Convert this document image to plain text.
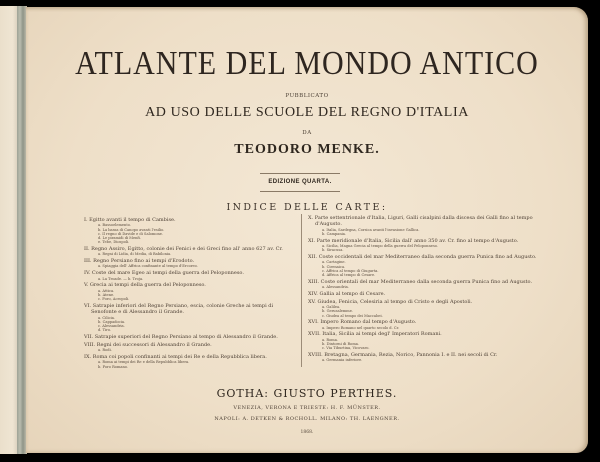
ATLANTE DEL MONDO ANTICO
PUBBLICATO
AD USO DELLE SCUOLE DEL REGNO D'ITALIA
DA
TEODORO MENKE.
EDIZIONE QUARTA.
INDICE DELLE CARTE:
I. Egitto avanti il tempo di Cambise.
a. Bassoelemento.
b. La bassa di Canopo avanti l'esilio.
c. Il regno di Davide e di Salomone.
d. Le piramidi di Menfi.
e. Tebe, Diospoli.
II. Regno Assiro, Egitto, colonie dei Fenici e dei Greci fino all' anno 627 av. Cr.
a. Regni di Lidia, di Media, di Babilonia.
III. Regno Persiano fino ai tempi d'Erodoto.
a. Spiaggia dell' Affrica confinante al tempo d'Ercoreo.
IV. Coste del mare Egeo ai tempi della guerra del Peloponneso.
a. La Troade. — b. Troja.
V. Grecia ai tempi della guerra del Peloponneso.
a. Attica.
b. Atene.
c. Foro, Acropoli.
VI. Satrapie inferiori del Regno Persiano, escia, colonie Greche ai tempi di Senofonte e di Alessandro il Grande.
a. Cilicia.
b. Cappadocia.
c. Alessandria.
d. Tiro.
VII. Satrapie superiori del Regno Persiano al tempo di Alessandro il Grande.
VIII. Regni dei successori di Alessandro il Grande.
a. Rodi.
IX. Roma coi popoli confinanti ai tempi dei Re e della Repubblica libera.
a. Roma ai tempi dei Re e della Repubblica libera.
b. Foro Romano.
X. Parte settentrionale d'Italia, Liguri, Galli cisalpini dalla discesa dei Galli fino al tempo d'Augusto.
a. Italia, Sardegna, Corsica avanti l'invasione Gallica.
b. Campania.
XI. Parte meridionale d'Italia, Sicilia dall' anno 350 av. Cr. fino al tempo d'Augusto.
a. Sicilia, Magna Grecia al tempo della guerra del Peloponneso.
b. Siracusa.
XII. Coste occidentali del mar Mediterraneo dalla seconda guerra Punica fino ad Augusto.
a. Cartagine.
b. Cirenaica.
c. Affrica al tempo di Giugurta.
d. Affrica al tempo di Cesare.
XIII. Coste orientali del mar Mediterraneo dalla seconda guerra Punica fino ad Augusto.
a. Alessandria.
XIV. Gallia al tempo di Cesare.
XV. Giudea, Fenicia, Celesiria al tempo di Cristo e degli Apostoli.
a. Galilea.
b. Gerusalemme.
c. Giudea al tempo dei Maccabei.
XVI. Impero Romano dal tempo d'Augusto.
a. Impero Romano nel quarto secolo d. Cr.
XVII. Italia, Sicilia ai tempi degl' Imperatori Romani.
a. Roma.
b. Dintorni di Roma.
c. Via Tiburtina, Vicovaro.
XVIII. Bretagna, Germania, Rezia, Norico, Pannonia I. e II. nei secoli di Cr.
a. Germania inferiore.
GOTHA: GIUSTO PERTHES.
VENEZIA, VERONA E TRIESTE: H. F. MÜNSTER.
NAPOLI: A. DETKEN & ROCHOLL. MILANO: TH. LAENGNER.
1868.
